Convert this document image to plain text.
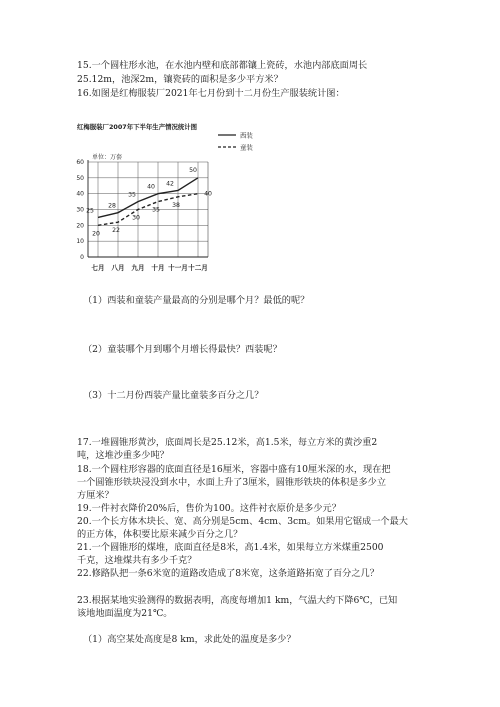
15.一个圆柱形水池，在水池内壁和底部都镶上瓷砖，水池内部底面周长
25.12m，池深2m，镶瓷砖的面积是多少平方米？
16.如图是红梅服装厂2021年七月份到十二月份生产服装统计图：
红梅服装厂2007年下半年生产情况统计图
单位：万套
0
10
20
30
40
50
60
七月 八月 九月 十月 十一月 十二月
西装
童装
25
28
35
40 42
50
20 22
30
35
38
40
（1）西装和童装产量最高的分别是哪个月？最低的呢？
（2）童装哪个月到哪个月增长得最快？西装呢？
（3）十二月份西装产量比童装多百分之几？
17.一堆圆锥形黄沙，底面周长是25.12米，高1.5米，每立方米的黄沙重2
吨，这堆沙重多少吨？
18.一个圆柱形容器的底面直径是16厘米，容器中盛有10厘米深的水，现在把
一个圆锥形铁块浸没到水中，水面上升了3厘米，圆锥形铁块的体积是多少立
方厘米？
19.一件衬衣降价20%后，售价为100。这件衬衣原价是多少元？
20.一个长方体木块长、宽、高分别是5cm、4cm、3cm。如果用它锯成一个最大
的正方体，体积要比原来减少百分之几？
21.一个圆锥形的煤堆，底面直径是8米，高1.4米，如果每立方米煤重2500
千克，这堆煤共有多少千克？
22.修路队把一条6米宽的道路改造成了8米宽，这条道路拓宽了百分之几？
23.根据某地实验测得的数据表明，高度每增加1 km，气温大约下降6℃，已知
该地地面温度为21℃。
（1）高空某处高度是8 km，求此处的温度是多少？
